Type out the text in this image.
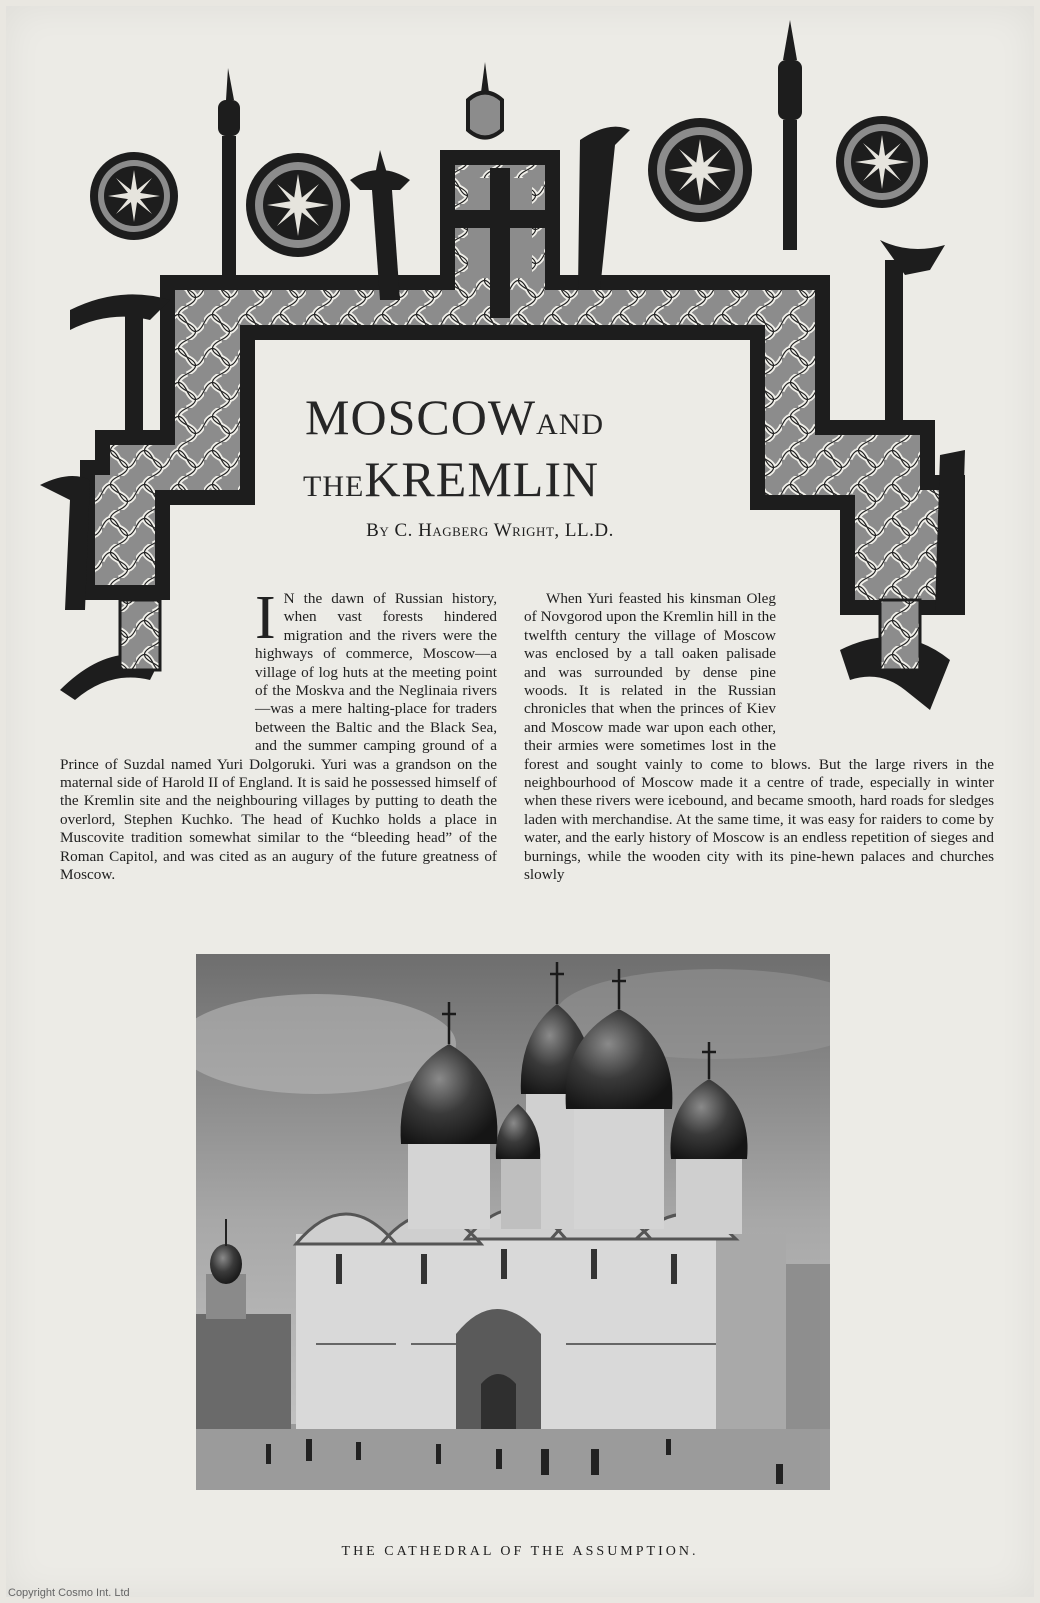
MOSCOWAND
THEKREMLIN
By C. Hagberg Wright, LL.D.

I N the dawn of Russian history, when vast forests hindered migration and the rivers were the highways of commerce, Moscow—a village of log huts at the meeting point of the Moskva and the Neglinaia rivers—was a mere halting-place for traders between the Baltic and the Black Sea, and the summer camping ground of a Prince of Suzdal named Yuri Dolgoruki. Yuri was a grandson on the maternal side of Harold II of England. It is said he possessed himself of the Kremlin site and the neighbouring villages by putting to death the overlord, Stephen Kuchko. The head of Kuchko holds a place in Muscovite tradition somewhat similar to the “bleeding head” of the Roman Capitol, and was cited as an augury of the future greatness of Moscow.

When Yuri feasted his kinsman Oleg of Novgorod upon the Kremlin hill in the twelfth century the village of Moscow was enclosed by a tall oaken palisade and was surrounded by dense pine woods. It is related in the Russian chronicles that when the princes of Kiev and Moscow made war upon each other, their armies were sometimes lost in the forest and sought vainly to come to blows. But the large rivers in the neighbourhood of Moscow made it a centre of trade, especially in winter when these rivers were icebound, and became smooth, hard roads for sledges laden with merchandise. At the same time, it was easy for raiders to come by water, and the early history of Moscow is an endless repetition of sieges and burnings, while the wooden city with its pine-hewn palaces and churches slowly

THE CATHEDRAL OF THE ASSUMPTION.
Copyright Cosmo Int. Ltd
